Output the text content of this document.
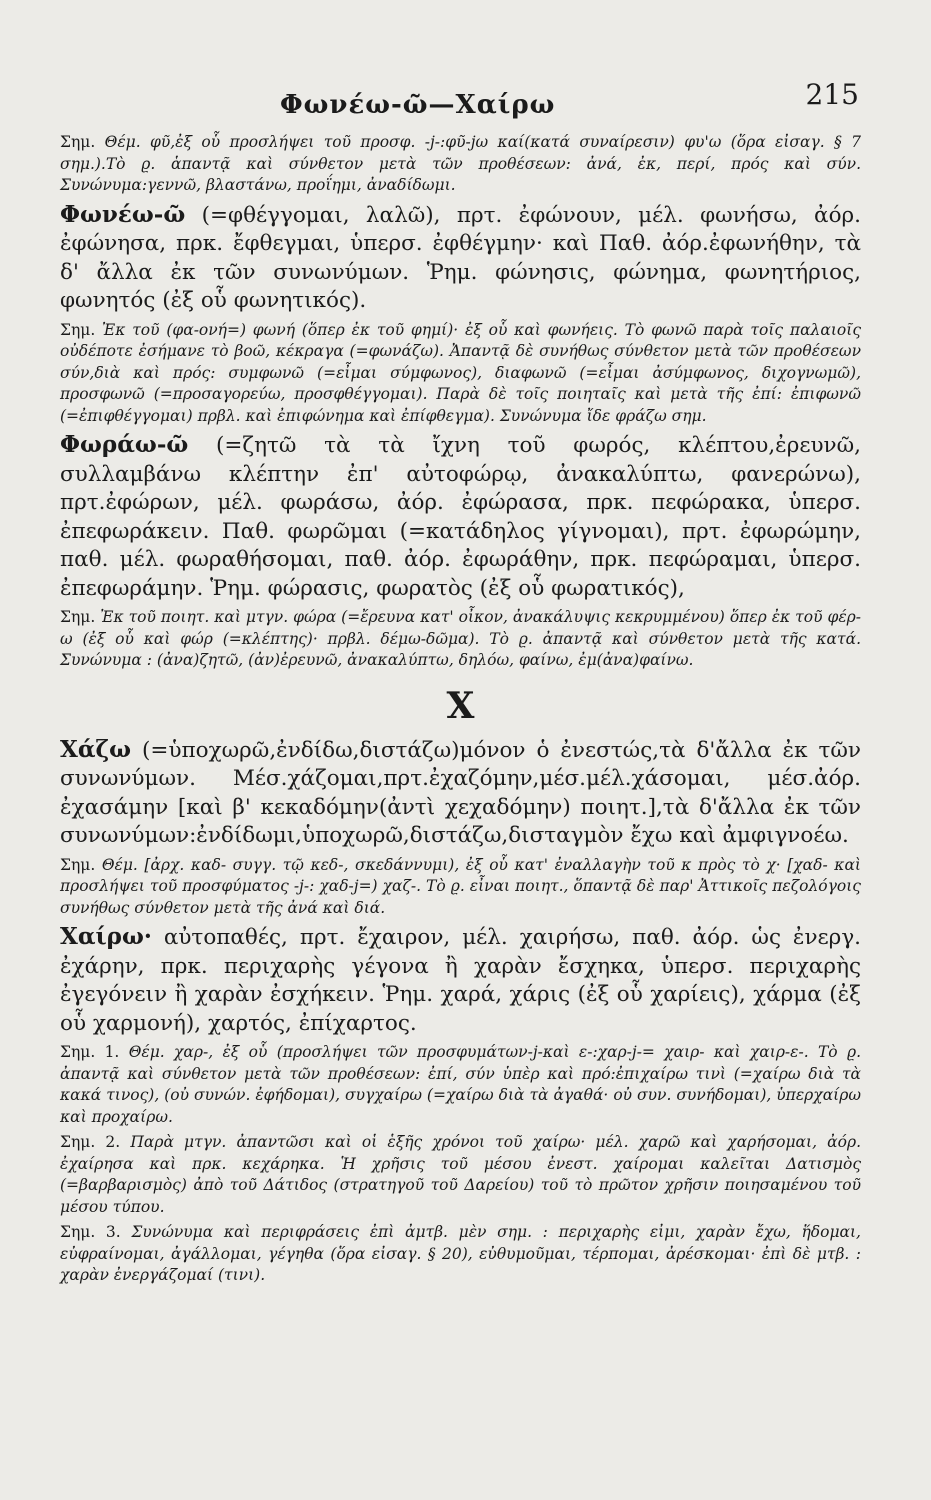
Φωνέω-ῶ—Χαίρω	215

Σημ. Θέμ. φῦ,ἐξ οὗ προσλήψει τοῦ προσφ. -j-:φῦ-jω καί(κατά συναίρεσιν) φυ'ω (ὅρα εἰσαγ. § 7 σημ.).Τὸ ϱ. ἁπαντᾷ καὶ σύνθετον μετὰ τῶν προθέσεων: ἀνά, ἐκ, περί, πρός καὶ σύν. Συνώνυμα:γεννῶ, βλαστάνω, προΐημι, ἀναδίδωμι.

Φωνέω-ῶ (=φθέγγομαι, λαλῶ), πρτ. ἐφώνουν, μέλ. φωνήσω, ἀόρ. ἐφώνησα, πρκ. ἔφθεγμαι, ὑπερσ. ἐφθέγμην· καὶ Παθ. ἀόρ.ἐφωνήθην, τὰ δ' ἄλλα ἐκ τῶν συνωνύμων. Ῥημ. φώνησις, φώνημα, φωνητήριος, φωνητός (ἐξ οὗ φωνητικός).

Σημ. Ἐκ τοῦ (φα-ονή=) φωνή (ὅπερ ἐκ τοῦ φημί)· ἐξ οὗ καὶ φωνήεις. Τὸ φωνῶ παρὰ τοῖς παλαιοῖς οὐδέποτε ἐσήμανε τὸ βοῶ, κέκραγα (=φωνάζω). Ἀπαντᾷ δὲ συνήθως σύνθετον μετὰ τῶν προθέσεων σύν,διὰ καὶ πρός: συμφωνῶ (=εἶμαι σύμφωνος), διαφωνῶ (=εἶμαι ἀσύμφωνος, διχογνωμῶ), προσφωνῶ (=προσαγορεύω, προσφθέγγομαι). Παρὰ δὲ τοῖς ποιηταῖς καὶ μετὰ τῆς ἐπί: ἐπιφωνῶ (=ἐπιφθέγγομαι) πρβλ. καὶ ἐπιφώνημα καὶ ἐπίφθεγμα). Συνώνυμα ἴδε φράζω σημ.

Φωράω-ῶ (=ζητῶ τὰ τὰ ἴχνη τοῦ φωρός, κλέπτου,ἐρευνῶ, συλλαμβάνω κλέπτην ἐπ' αὐτοφώρῳ, ἀνακαλύπτω, φανερώνω), πρτ.ἐφώρων, μέλ. φωράσω, ἀόρ. ἐφώρασα, πρκ. πεφώρακα, ὑπερσ. ἐπεφωράκειν. Παθ. φωρῶμαι (=κατάδηλος γίγνομαι), πρτ. ἐφωρώμην, παθ. μέλ. φωραθήσομαι, παθ. ἀόρ. ἐφωράθην, πρκ. πεφώραμαι, ὑπερσ. ἐπεφωράμην. Ῥημ. φώρασις, φωρατὸς (ἐξ οὗ φωρατικός),

Σημ. Ἐκ τοῦ ποιητ. καὶ μτγν. φώρα (=ἔρευνα κατ' οἶκον, ἀνακάλυψις κεκρυμμένου) ὅπερ ἐκ τοῦ φέρ-ω (ἐξ οὗ καὶ φώρ (=κλέπτης)· πρβλ. δέμω-δῶμα). Τὸ ϱ. ἀπαντᾷ καὶ σύνθετον μετὰ τῆς κατά. Συνώνυμα : (ἀνα)ζητῶ, (ἀν)ἐρευνῶ, ἀνακαλύπτω, δηλόω, φαίνω, ἐμ(ἀνα)φαίνω.

Χ

Χάζω (=ὑποχωρῶ,ἐνδίδω,διστάζω)μόνον ὁ ἐνεστώς,τὰ δ'ἄλλα ἐκ τῶν συνωνύμων. Μέσ.χάζομαι,πρτ.ἐχαζόμην,μέσ.μέλ.χάσομαι, μέσ.ἀόρ. ἐχασάμην [καὶ β' κεκαδόμην(ἀντὶ χεχαδόμην) ποιητ.],τὰ δ'ἄλλα ἐκ τῶν συνωνύμων:ἐνδίδωμι,ὑποχωρῶ,διστάζω,δισταγμὸν ἔχω καὶ ἀμφιγνοέω.

Σημ. Θέμ. [ἀρχ. καδ- συγγ. τῷ κεδ-, σκεδάννυμι), ἐξ οὗ κατ' ἐναλλαγὴν τοῦ κ πρὸς τὸ χ· [χαδ- καὶ προσλήψει τοῦ προσφύματος -j-: χαδ-j=) χαζ-. Τὸ ϱ. εἶναι ποιητ., ὅπαντᾷ δὲ παρ' Ἀττικοῖς πεζολόγοις συνήθως σύνθετον μετὰ τῆς ἀνά καὶ διά.

Χαίρω· αὐτοπαθές, πρτ. ἔχαιρον, μέλ. χαιρήσω, παθ. ἀόρ. ὡς ἐνεργ. ἐχάρην, πρκ. περιχαρὴς γέγονα ἢ χαρὰν ἔσχηκα, ὑπερσ. περιχαρὴς ἐγεγόνειν ἢ χαρὰν ἐσχήκειν. Ῥημ. χαρά, χάρις (ἐξ οὗ χαρίεις), χάρμα (ἐξ οὗ χαρμονή), χαρτός, ἐπίχαρτος.

Σημ. 1. Θέμ. χαρ-, ἐξ οὗ (προσλήψει τῶν προσφυμάτων-j-καὶ ε-:χαρ-j-= χαιρ- καὶ χαιρ-ε-. Τὸ ϱ. ἀπαντᾷ καὶ σύνθετον μετὰ τῶν προθέσεων: ἐπί, σύν ὑπὲρ καὶ πρό:ἐπιχαίρω τινὶ (=χαίρω διὰ τὰ κακά τινος), (οὐ συνών. ἐφήδομαι), συγχαίρω (=χαίρω διὰ τὰ ἀγαθά· οὐ συν. συνήδομαι), ὑπερχαίρω καὶ προχαίρω.

Σημ. 2. Παρὰ μτγν. ἀπαντῶσι καὶ οἱ ἑξῆς χρόνοι τοῦ χαίρω· μέλ. χαρῶ καὶ χαρήσομαι, ἀόρ. ἐχαίρησα καὶ πρκ. κεχάρηκα. Ἡ χρῆσις τοῦ μέσου ἐνεστ. χαίρομαι καλεῖται Δατισμὸς (=βαρβαρισμὸς) ἀπὸ τοῦ Δάτιδος (στρατηγοῦ τοῦ Δαρείου) τοῦ τὸ πρῶτον χρῆσιν ποιησαμένου τοῦ μέσου τύπου.

Σημ. 3. Συνώνυμα καὶ περιφράσεις ἐπὶ ἀμτβ. μὲν σημ. : περιχαρὴς εἰμι, χαρὰν ἔχω, ἥδομαι, εὐφραίνομαι, ἀγάλλομαι, γέγηθα (ὅρα εἰσαγ. § 20), εὐθυμοῦμαι, τέρπομαι, ἀρέσκομαι· ἐπὶ δὲ μτβ. : χαρὰν ἐνεργάζομαί (τινι).
